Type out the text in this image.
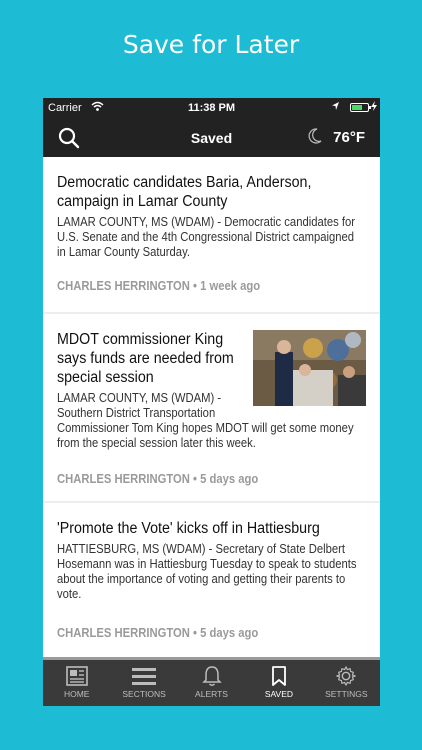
Save for Later
Carrier	11:38 PM
Saved	76°F
Democratic candidates Baria, Anderson, campaign in Lamar County
LAMAR COUNTY, MS (WDAM) - Democratic candidates for U.S. Senate and the 4th Congressional District campaigned in Lamar County Saturday.
CHARLES HERRINGTON • 1 week ago
MDOT commissioner King says funds are needed from special session
LAMAR COUNTY, MS (WDAM) - Southern District Transportation
Commissioner Tom King hopes MDOT will get some money from the special session later this week.
CHARLES HERRINGTON • 5 days ago
'Promote the Vote' kicks off in Hattiesburg
HATTIESBURG, MS (WDAM) - Secretary of State Delbert Hosemann was in Hattiesburg Tuesday to speak to students about the importance of voting and getting their parents to vote.
CHARLES HERRINGTON • 5 days ago
HOME	SECTIONS	ALERTS	SAVED	SETTINGS
